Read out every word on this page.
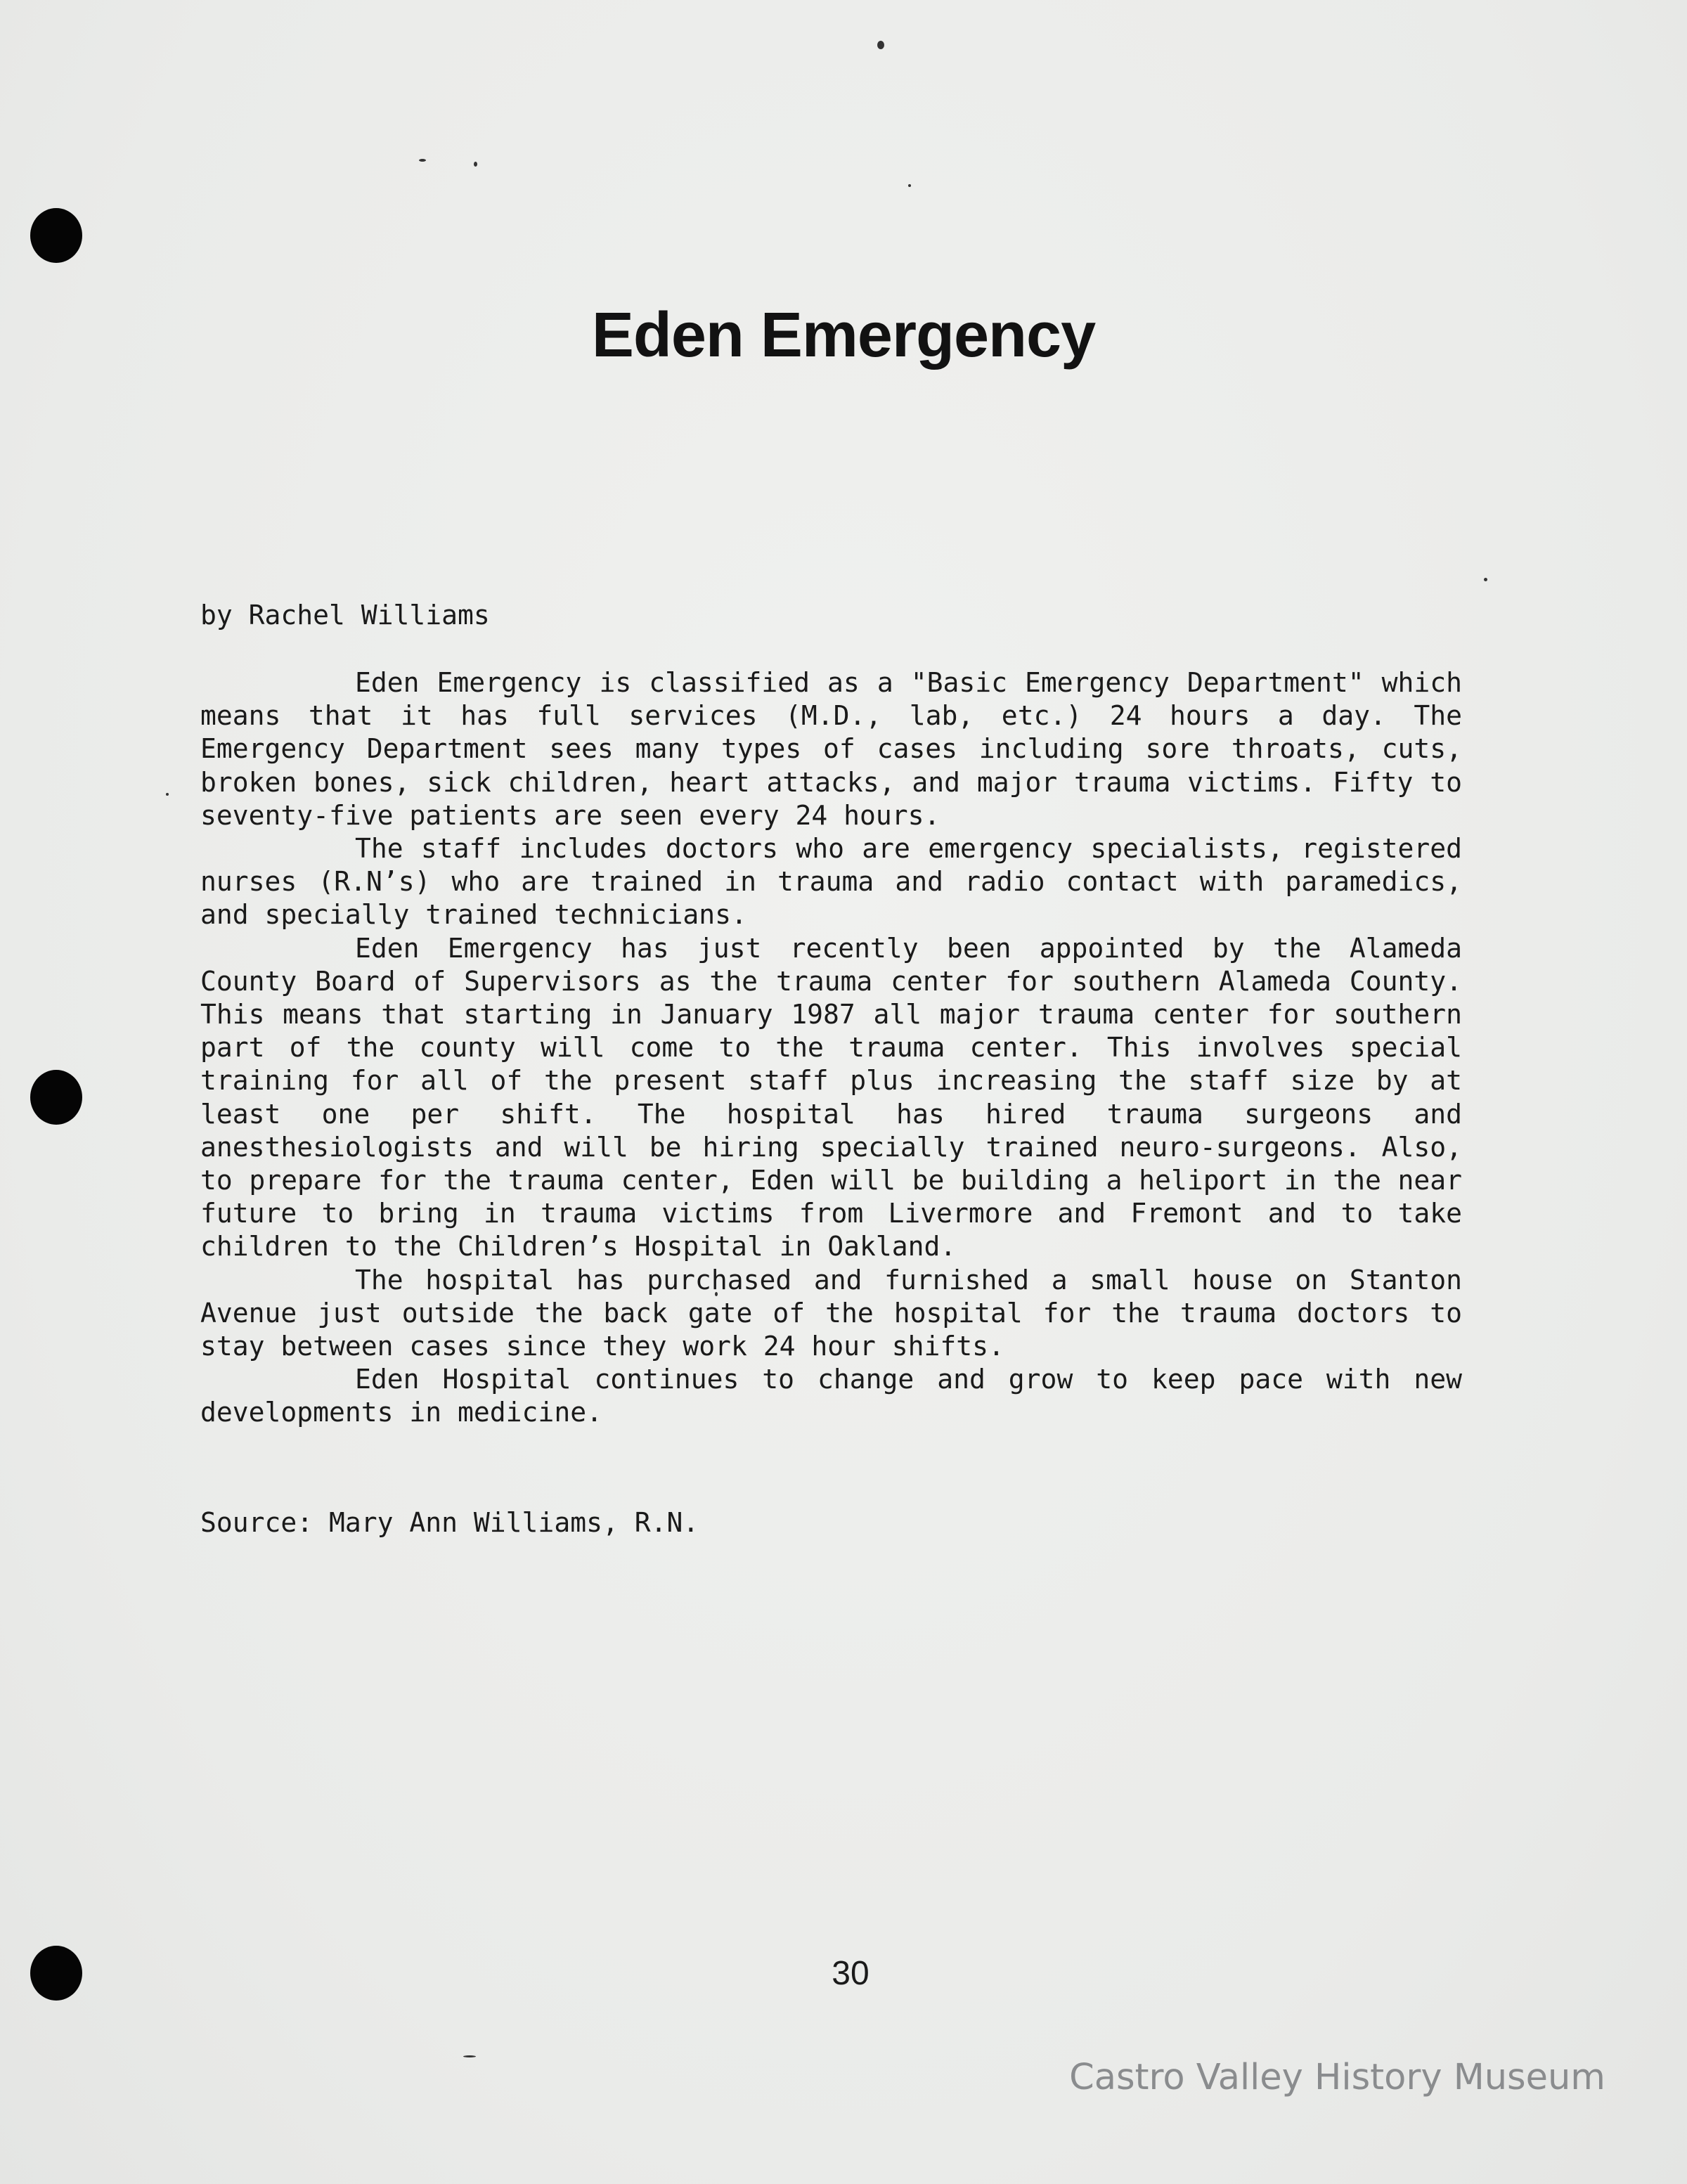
Eden Emergency
by Rachel Williams

Eden Emergency is classified as a "Basic Emergency Department" which means that it has full services (M.D., lab, etc.) 24 hours a day. The Emergency Department sees many types of cases including sore throats, cuts, broken bones, sick children, heart attacks, and major trauma victims. Fifty to seventy-five patients are seen every 24 hours.

The staff includes doctors who are emergency specialists, registered nurses (R.N’s) who are trained in trauma and radio contact with paramedics, and specially trained technicians.

Eden Emergency has just recently been appointed by the Alameda County Board of Supervisors as the trauma center for southern Alameda County. This means that starting in January 1987 all major trauma center for southern part of the county will come to the trauma center. This involves special training for all of the present staff plus increasing the staff size by at least one per shift. The hospital has hired trauma surgeons and anesthesiologists and will be hiring specially trained neuro-surgeons. Also, to prepare for the trauma center, Eden will be building a heliport in the near future to bring in trauma victims from Livermore and Fremont and to take children to the Children’s Hospital in Oakland.

The hospital has purchased and furnished a small house on Stanton Avenue just outside the back gate of the hospital for the trauma doctors to stay between cases since they work 24 hour shifts.

Eden Hospital continues to change and grow to keep pace with new developments in medicine.

Source: Mary Ann Williams, R.N.
30
Castro Valley History Museum
